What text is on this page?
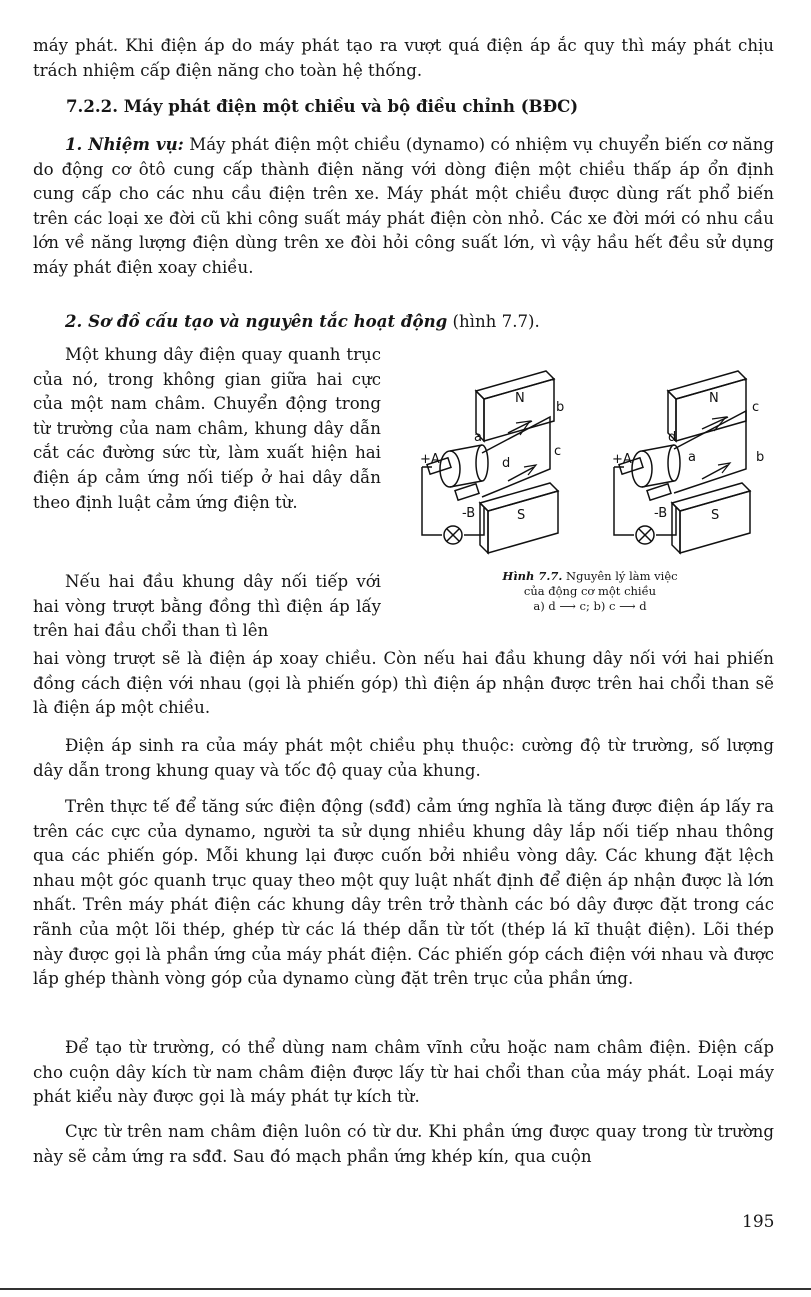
máy phát. Khi điện áp do máy phát tạo ra vượt quá điện áp ắc quy thì máy phát chịu trách nhiệm cấp điện năng cho toàn hệ thống.

7.2.2. Máy phát điện một chiều và bộ điều chỉnh (BĐC)

1. Nhiệm vụ: Máy phát điện một chiều (dynamo) có nhiệm vụ chuyển biến cơ năng do động cơ ôtô cung cấp thành điện năng với dòng điện một chiều thấp áp ổn định cung cấp cho các nhu cầu điện trên xe. Máy phát một chiều được dùng rất phổ biến trên các loại xe đời cũ khi công suất máy phát điện còn nhỏ. Các xe đời mới có nhu cầu lớn về năng lượng điện dùng trên xe đòi hỏi công suất lớn, vì vậy hầu hết đều sử dụng máy phát điện xoay chiều.

2. Sơ đồ cấu tạo và nguyên tắc hoạt động (hình 7.7).

Một khung dây điện quay quanh trục của nó, trong không gian giữa hai cực của một nam châm. Chuyển động trong từ trường của nam châm, khung dây dẫn cắt các đường sức từ, làm xuất hiện hai điện áp cảm ứng nối tiếp ở hai dây dẫn theo định luật cảm ứng điện từ.

Nếu hai đầu khung dây nối tiếp với hai vòng trượt bằng đồng thì điện áp lấy trên hai đầu chổi than tì lên

hai vòng trượt sẽ là điện áp xoay chiều. Còn nếu hai đầu khung dây nối với hai phiến đồng cách điện với nhau (gọi là phiến góp) thì điện áp nhận được trên hai chổi than sẽ là điện áp một chiều.

Điện áp sinh ra của máy phát một chiều phụ thuộc: cường độ từ trường, số lượng dây dẫn trong khung quay và tốc độ quay của khung.

Trên thực tế để tăng sức điện động (sđđ) cảm ứng nghĩa là tăng được điện áp lấy ra trên các cực của dynamo, người ta sử dụng nhiều khung dây lắp nối tiếp nhau thông qua các phiến góp. Mỗi khung lại được cuốn bởi nhiều vòng dây. Các khung đặt lệch nhau một góc quanh trục quay theo một quy luật nhất định để điện áp nhận được là lớn nhất. Trên máy phát điện các khung dây trên trở thành các bó dây được đặt trong các rãnh của một lõi thép, ghép từ các lá thép dẫn từ tốt (thép lá kĩ thuật điện). Lõi thép này được gọi là phần ứng của máy phát điện. Các phiến góp cách điện với nhau và được lắp ghép thành vòng góp của dynamo cùng đặt trên trục của phần ứng.

Để tạo từ trường, có thể dùng nam châm vĩnh cửu hoặc nam châm điện. Điện cấp cho cuộn dây kích từ nam châm điện được lấy từ hai chổi than của máy phát. Loại máy phát kiểu này được gọi là máy phát tự kích từ.

Cực từ trên nam châm điện luôn có từ dư. Khi phần ứng được quay trong từ trường này sẽ cảm ứng ra sđđ. Sau đó mạch phần ứng khép kín, qua cuộn

N
S
+A
-B
a
b
c
d
N
S
+A
-B
a	b
c
d
Hình 7.7. Nguyên lý làm việc
của động cơ một chiều
a) d ⟶ c; b) c ⟶ d
195
